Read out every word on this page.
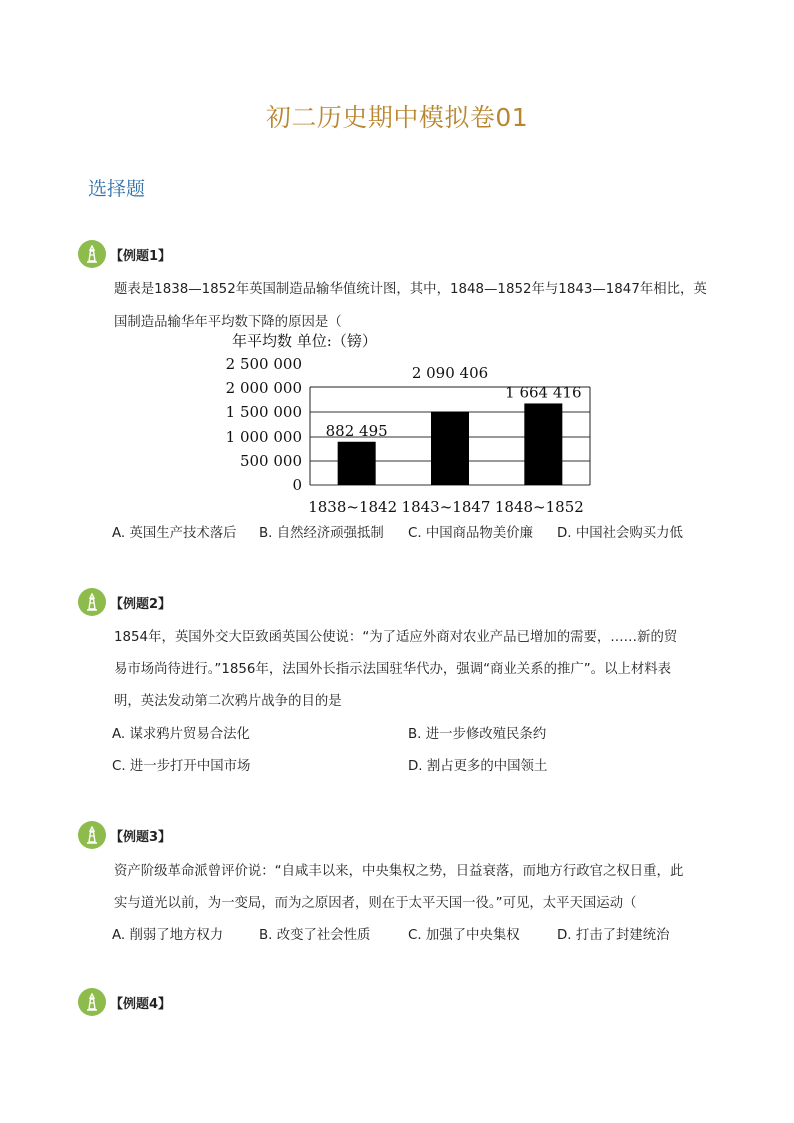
初二历史期中模拟卷01
选择题
【例题1】
题表是1838—1852年英国制造品输华值统计图，其中，1848—1852年与1843—1847年相比，英
国制造品输华年平均数下降的原因是（
年平均数 单位:（镑）
2 500 000
2 000 000
1 500 000
1 000 000
500 000
0
882 495
1838~1842
2 090 406
1843~1847
1 664 416
1848~1852
A. 英国生产技术落后 B. 自然经济顽强抵制 C. 中国商品物美价廉 D. 中国社会购买力低
【例题2】
1854年，英国外交大臣致函英国公使说：“为了适应外商对农业产品已增加的需要，……新的贸
易市场尚待进行。”1856年，法国外长指示法国驻华代办，强调“商业关系的推广”。以上材料表
明，英法发动第二次鸦片战争的目的是
A. 谋求鸦片贸易合法化	B. 进一步修改殖民条约
C. 进一步打开中国市场	D. 割占更多的中国领土
【例题3】
资产阶级革命派曾评价说：“自咸丰以来，中央集权之势，日益衰落，而地方行政官之权日重，此
实与道光以前，为一变局，而为之原因者，则在于太平天国一役。”可见，太平天国运动（
A. 削弱了地方权力	B. 改变了社会性质	C. 加强了中央集权	D. 打击了封建统治
【例题4】
